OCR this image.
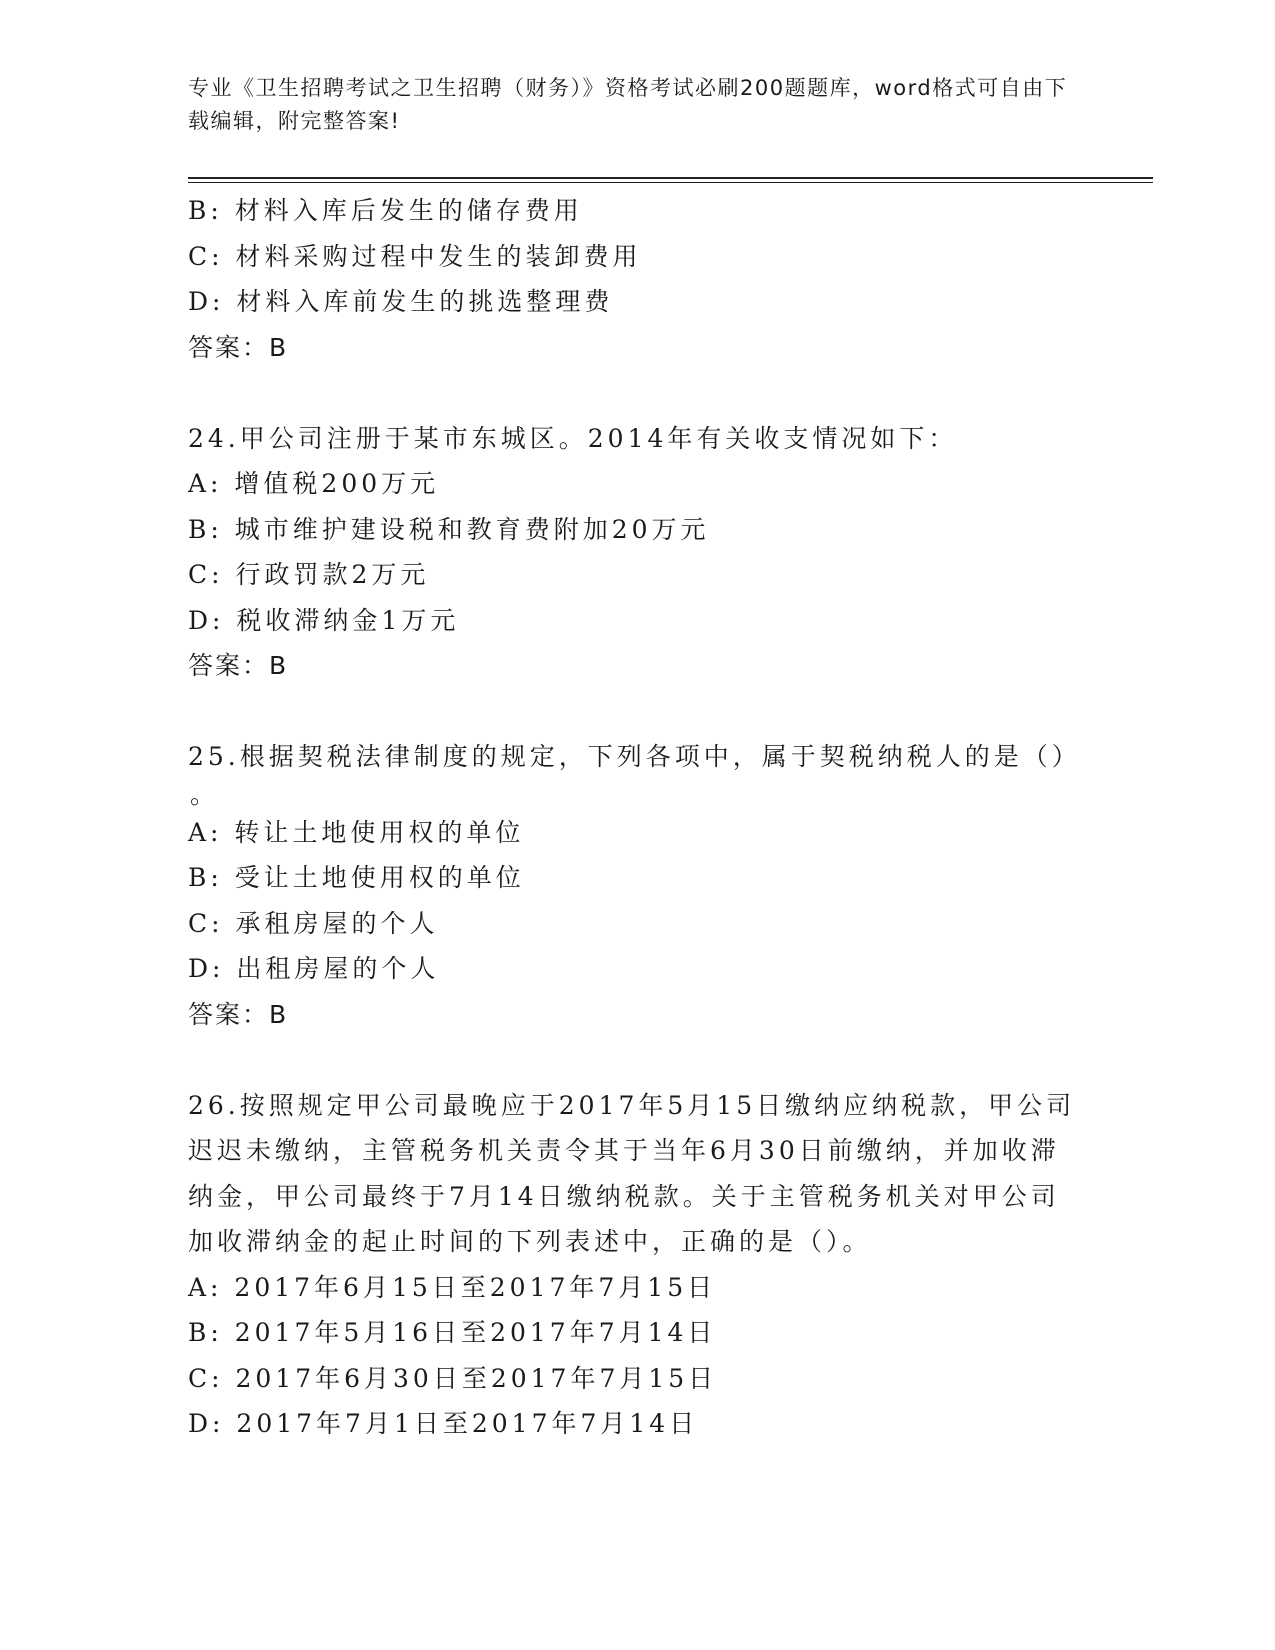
专业《卫生招聘考试之卫生招聘（财务）》资格考试必刷200题题库，word格式可自由下载编辑，附完整答案!
B: 材料入库后发生的储存费用
C: 材料采购过程中发生的装卸费用
D: 材料入库前发生的挑选整理费
答案：B
24.甲公司注册于某市东城区。2014年有关收支情况如下：
A: 增值税200万元
B: 城市维护建设税和教育费附加20万元
C: 行政罚款2万元
D: 税收滞纳金1万元
答案：B
25.根据契税法律制度的规定，下列各项中，属于契税纳税人的是（）
。
A: 转让土地使用权的单位
B: 受让土地使用权的单位
C: 承租房屋的个人
D: 出租房屋的个人
答案：B
26.按照规定甲公司最晚应于2017年5月15日缴纳应纳税款，甲公司
迟迟未缴纳，主管税务机关责令其于当年6月30日前缴纳，并加收滞
纳金，甲公司最终于7月14日缴纳税款。关于主管税务机关对甲公司
加收滞纳金的起止时间的下列表述中，正确的是（）。
A: 2017年6月15日至2017年7月15日
B: 2017年5月16日至2017年7月14日
C: 2017年6月30日至2017年7月15日
D: 2017年7月1日至2017年7月14日
